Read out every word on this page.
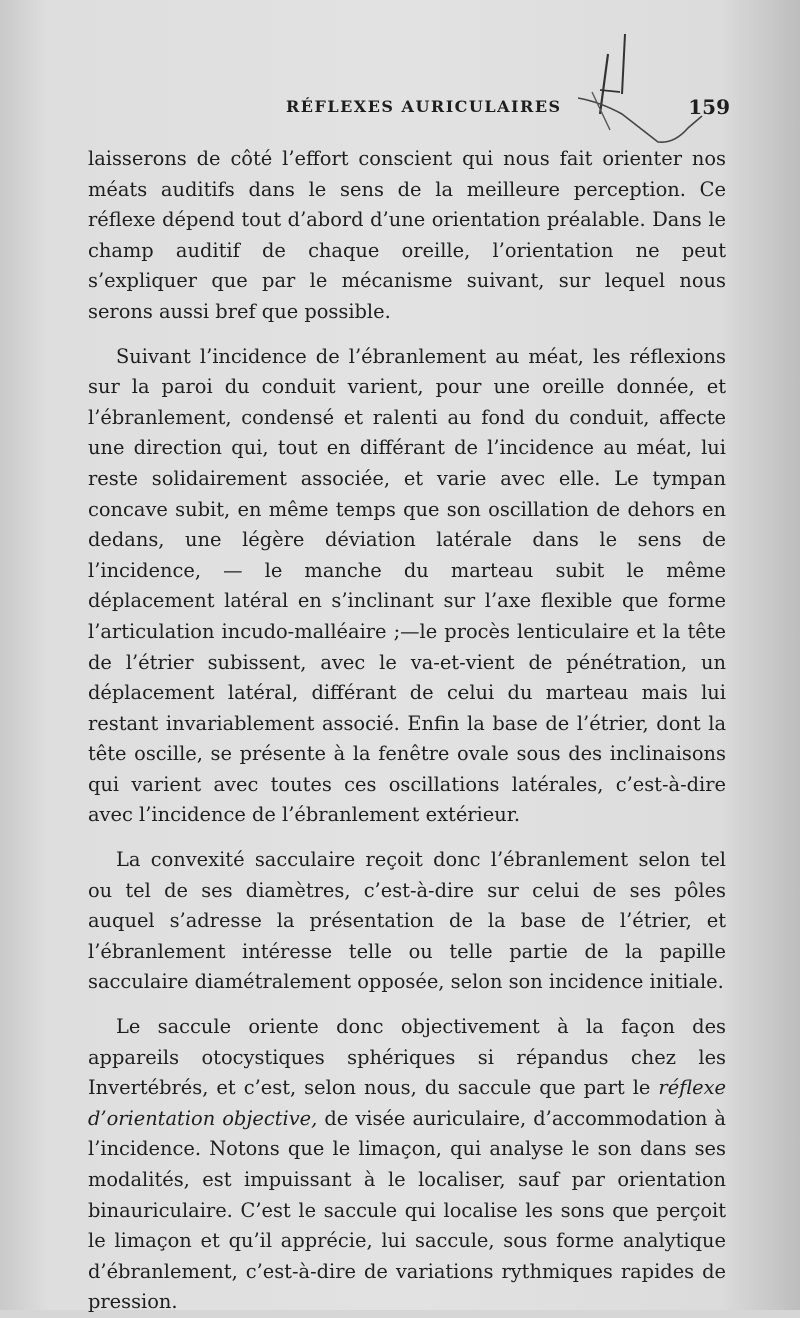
RÉFLEXES AURICULAIRES	159

laisserons de côté l’effort conscient qui nous fait orienter nos méats auditifs dans le sens de la meilleure perception. Ce réflexe dépend tout d’abord d’une orientation préalable. Dans le champ auditif de chaque oreille, l’orientation ne peut s’expliquer que par le mécanisme suivant, sur lequel nous serons aussi bref que possible.

Suivant l’incidence de l’ébranlement au méat, les réflexions sur la paroi du conduit varient, pour une oreille donnée, et l’ébranlement, condensé et ralenti au fond du conduit, affecte une direction qui, tout en différant de l’incidence au méat, lui reste solidairement associée, et varie avec elle. Le tympan concave subit, en même temps que son oscillation de dehors en dedans, une légère déviation latérale dans le sens de l’incidence, — le manche du marteau subit le même déplacement latéral en s’inclinant sur l’axe flexible que forme l’articulation incudo-malléaire ;—le procès lenticulaire et la tête de l’étrier subissent, avec le va-et-vient de pénétration, un déplacement latéral, différant de celui du marteau mais lui restant invariablement associé. Enfin la base de l’étrier, dont la tête oscille, se présente à la fenêtre ovale sous des inclinaisons qui varient avec toutes ces oscillations latérales, c’est-à-dire avec l’incidence de l’ébranlement extérieur.

La convexité sacculaire reçoit donc l’ébranlement selon tel ou tel de ses diamètres, c’est-à-dire sur celui de ses pôles auquel s’adresse la présentation de la base de l’étrier, et l’ébranlement intéresse telle ou telle partie de la papille sacculaire diamétralement opposée, selon son incidence initiale.

Le saccule oriente donc objectivement à la façon des appareils otocystiques sphériques si répandus chez les Invertébrés, et c’est, selon nous, du saccule que part le réflexe d’orientation objective, de visée auriculaire, d’accommodation à l’incidence. Notons que le limaçon, qui analyse le son dans ses modalités, est impuissant à le localiser, sauf par orientation binauriculaire. C’est le saccule qui localise les sons que perçoit le limaçon et qu’il apprécie, lui saccule, sous forme analytique d’ébranlement, c’est-à-dire de variations rythmiques rapides de pression.
